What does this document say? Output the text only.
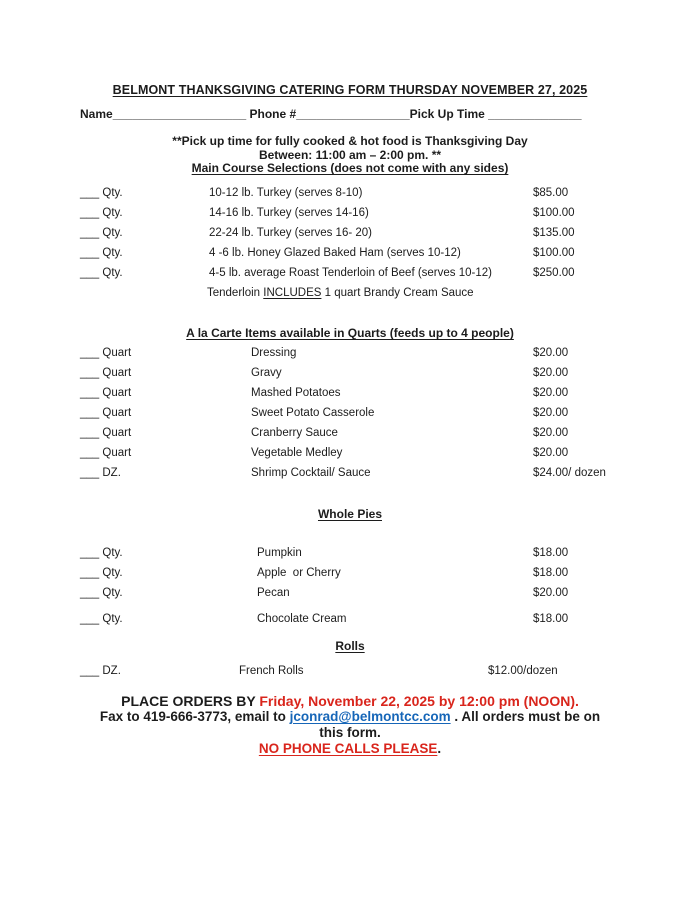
BELMONT THANKSGIVING CATERING FORM THURSDAY NOVEMBER 27, 2025
Name____________________ Phone #_________________Pick Up Time ______________
**Pick up time for fully cooked & hot food is Thanksgiving Day
Between: 11:00 am – 2:00 pm. **
Main Course Selections (does not come with any sides)
A la Carte Items available in Quarts (feeds up to 4 people)
Whole Pies
Rolls
___ Qty.	10-12 lb. Turkey (serves 8-10)	$85.00
___ Qty.	14-16 lb. Turkey (serves 14-16)	$100.00
___ Qty.	22-24 lb. Turkey (serves 16- 20)	$135.00
___ Qty.	4 -6 lb. Honey Glazed Baked Ham (serves 10-12)	$100.00
___ Qty.	4-5 lb. average Roast Tenderloin of Beef (serves 10-12)	$250.00
___ Quart	Dressing	$20.00
___ Quart	Gravy	$20.00
___ Quart	Mashed Potatoes	$20.00
___ Quart	Sweet Potato Casserole	$20.00
___ Quart	Cranberry Sauce	$20.00
___ Quart	Vegetable Medley	$20.00
___ DZ.	Shrimp Cocktail/ Sauce	$24.00/ dozen
___ Qty.	Pumpkin	$18.00
___ Qty.	Apple  or Cherry	$18.00
___ Qty.	Pecan	$20.00
___ Qty.	Chocolate Cream	$18.00
___ DZ.	French Rolls	$12.00/dozen
Tenderloin INCLUDES 1 quart Brandy Cream Sauce
PLACE ORDERS BY Friday, November 22, 2025 by 12:00 pm (NOON).
Fax to 419-666-3773, email to jconrad@belmontcc.com . All orders must be on
this form.
NO PHONE CALLS PLEASE.
